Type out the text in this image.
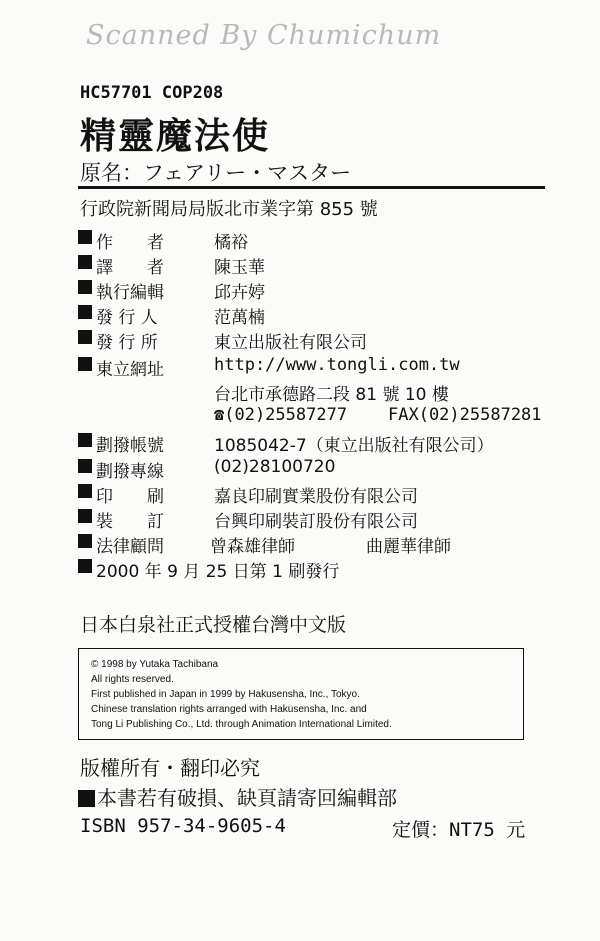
Scanned By Chumichum
HC57701 COP208
精靈魔法使
原名：フェアリー・マスター
行政院新聞局局版北市業字第 855 號
作　　者	橘裕
譯　　者	陳玉華
執行編輯	邱卉婷
發 行 人	范萬楠
發 行 所	東立出版社有限公司
東立網址	http://www.tongli.com.tw
台北市承德路二段 81 號 10 樓
☎(02)25587277 FAX(02)25587281
劃撥帳號	1085042-7（東立出版社有限公司）
劃撥專線	(02)28100720
印　　刷	嘉良印刷實業股份有限公司
裝　　訂	台興印刷裝訂股份有限公司
法律顧問	曾森雄律師	曲麗華律師
2000 年 9 月 25 日第 1 刷發行
日本白泉社正式授權台灣中文版
© 1998 by Yutaka Tachibana
All rights reserved.
First published in Japan in 1999 by Hakusensha, Inc., Tokyo.
Chinese translation rights arranged with Hakusensha, Inc. and
Tong Li Publishing Co., Ltd. through Animation International Limited.
版權所有・翻印必究
本書若有破損、缺頁請寄回編輯部
ISBN 957-34-9605-4	定價：NT75 元
